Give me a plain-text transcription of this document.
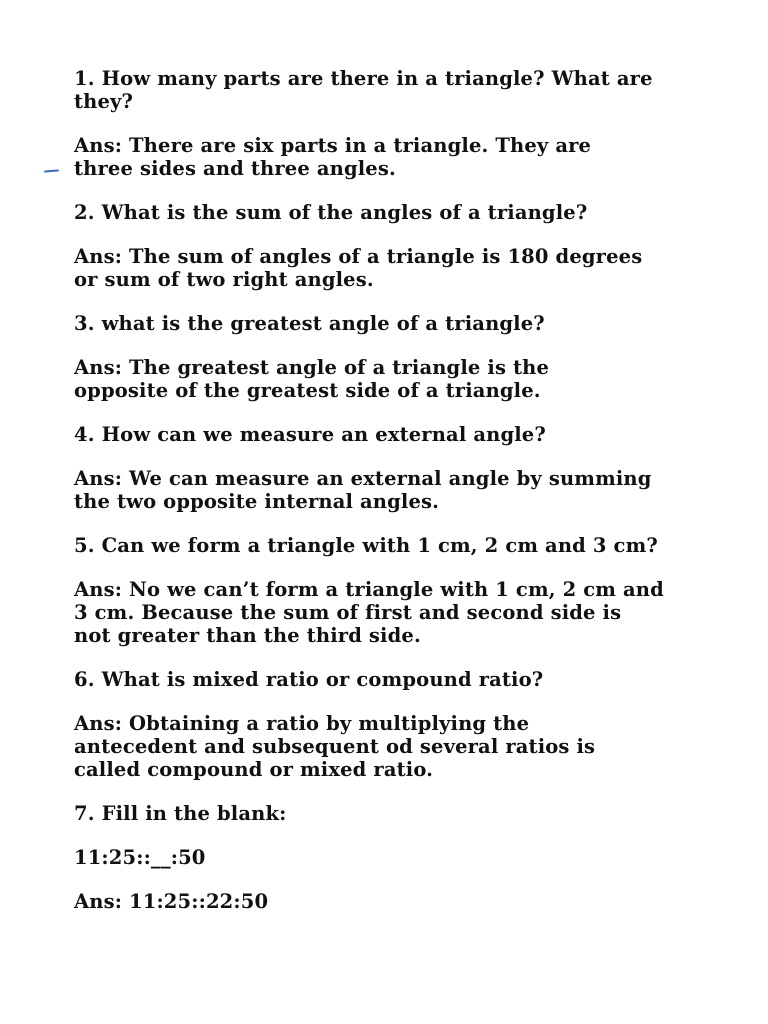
1. How many parts are there in a triangle? What are
they?

Ans: There are six parts in a triangle. They are
three sides and three angles.

2. What is the sum of the angles of a triangle?

Ans: The sum of angles of a triangle is 180 degrees
or sum of two right angles.

3. what is the greatest angle of a triangle?

Ans: The greatest angle of a triangle is the
opposite of the greatest side of a triangle.

4. How can we measure an external angle?

Ans: We can measure an external angle by summing
the two opposite internal angles.

5. Can we form a triangle with 1 cm, 2 cm and 3 cm?

Ans: No we can’t form a triangle with 1 cm, 2 cm and
3 cm. Because the sum of first and second side is
not greater than the third side.

6. What is mixed ratio or compound ratio?

Ans: Obtaining a ratio by multiplying the
antecedent and subsequent od several ratios is
called compound or mixed ratio.

7. Fill in the blank:

11:25::__:50

Ans: 11:25::22:50
